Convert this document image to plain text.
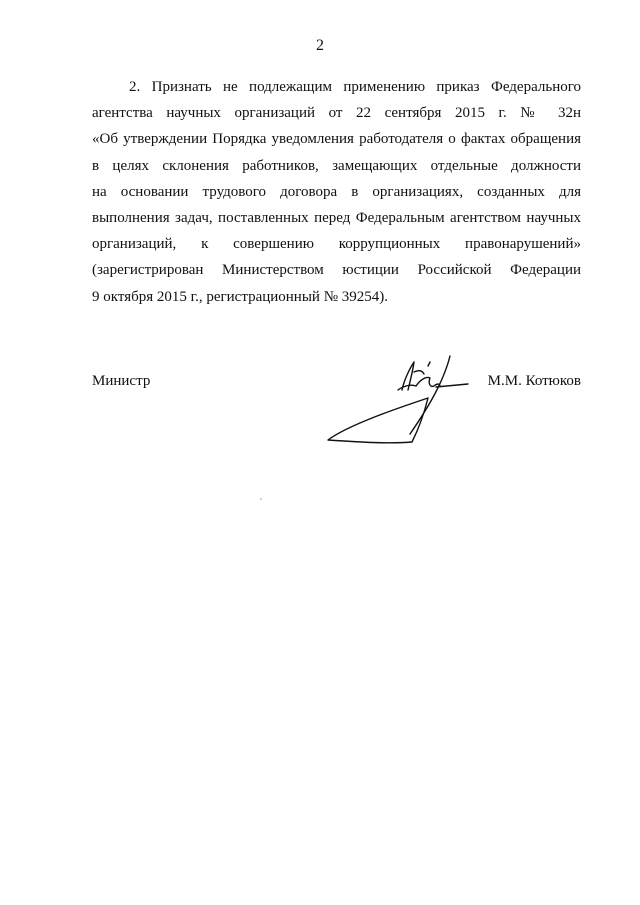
2
2. Признать не подлежащим применению приказ Федерального
агентства научных организаций от 22 сентября 2015 г. № 32н
«Об утверждении Порядка уведомления работодателя о фактах обращения
в целях склонения работников, замещающих отдельные должности
на основании трудового договора в организациях, созданных для
выполнения задач, поставленных перед Федеральным агентством научных
организаций, к совершению коррупционных правонарушений»
(зарегистрирован Министерством юстиции Российской Федерации
9 октября 2015 г., регистрационный № 39254).
Министр	М.М. Котюков
